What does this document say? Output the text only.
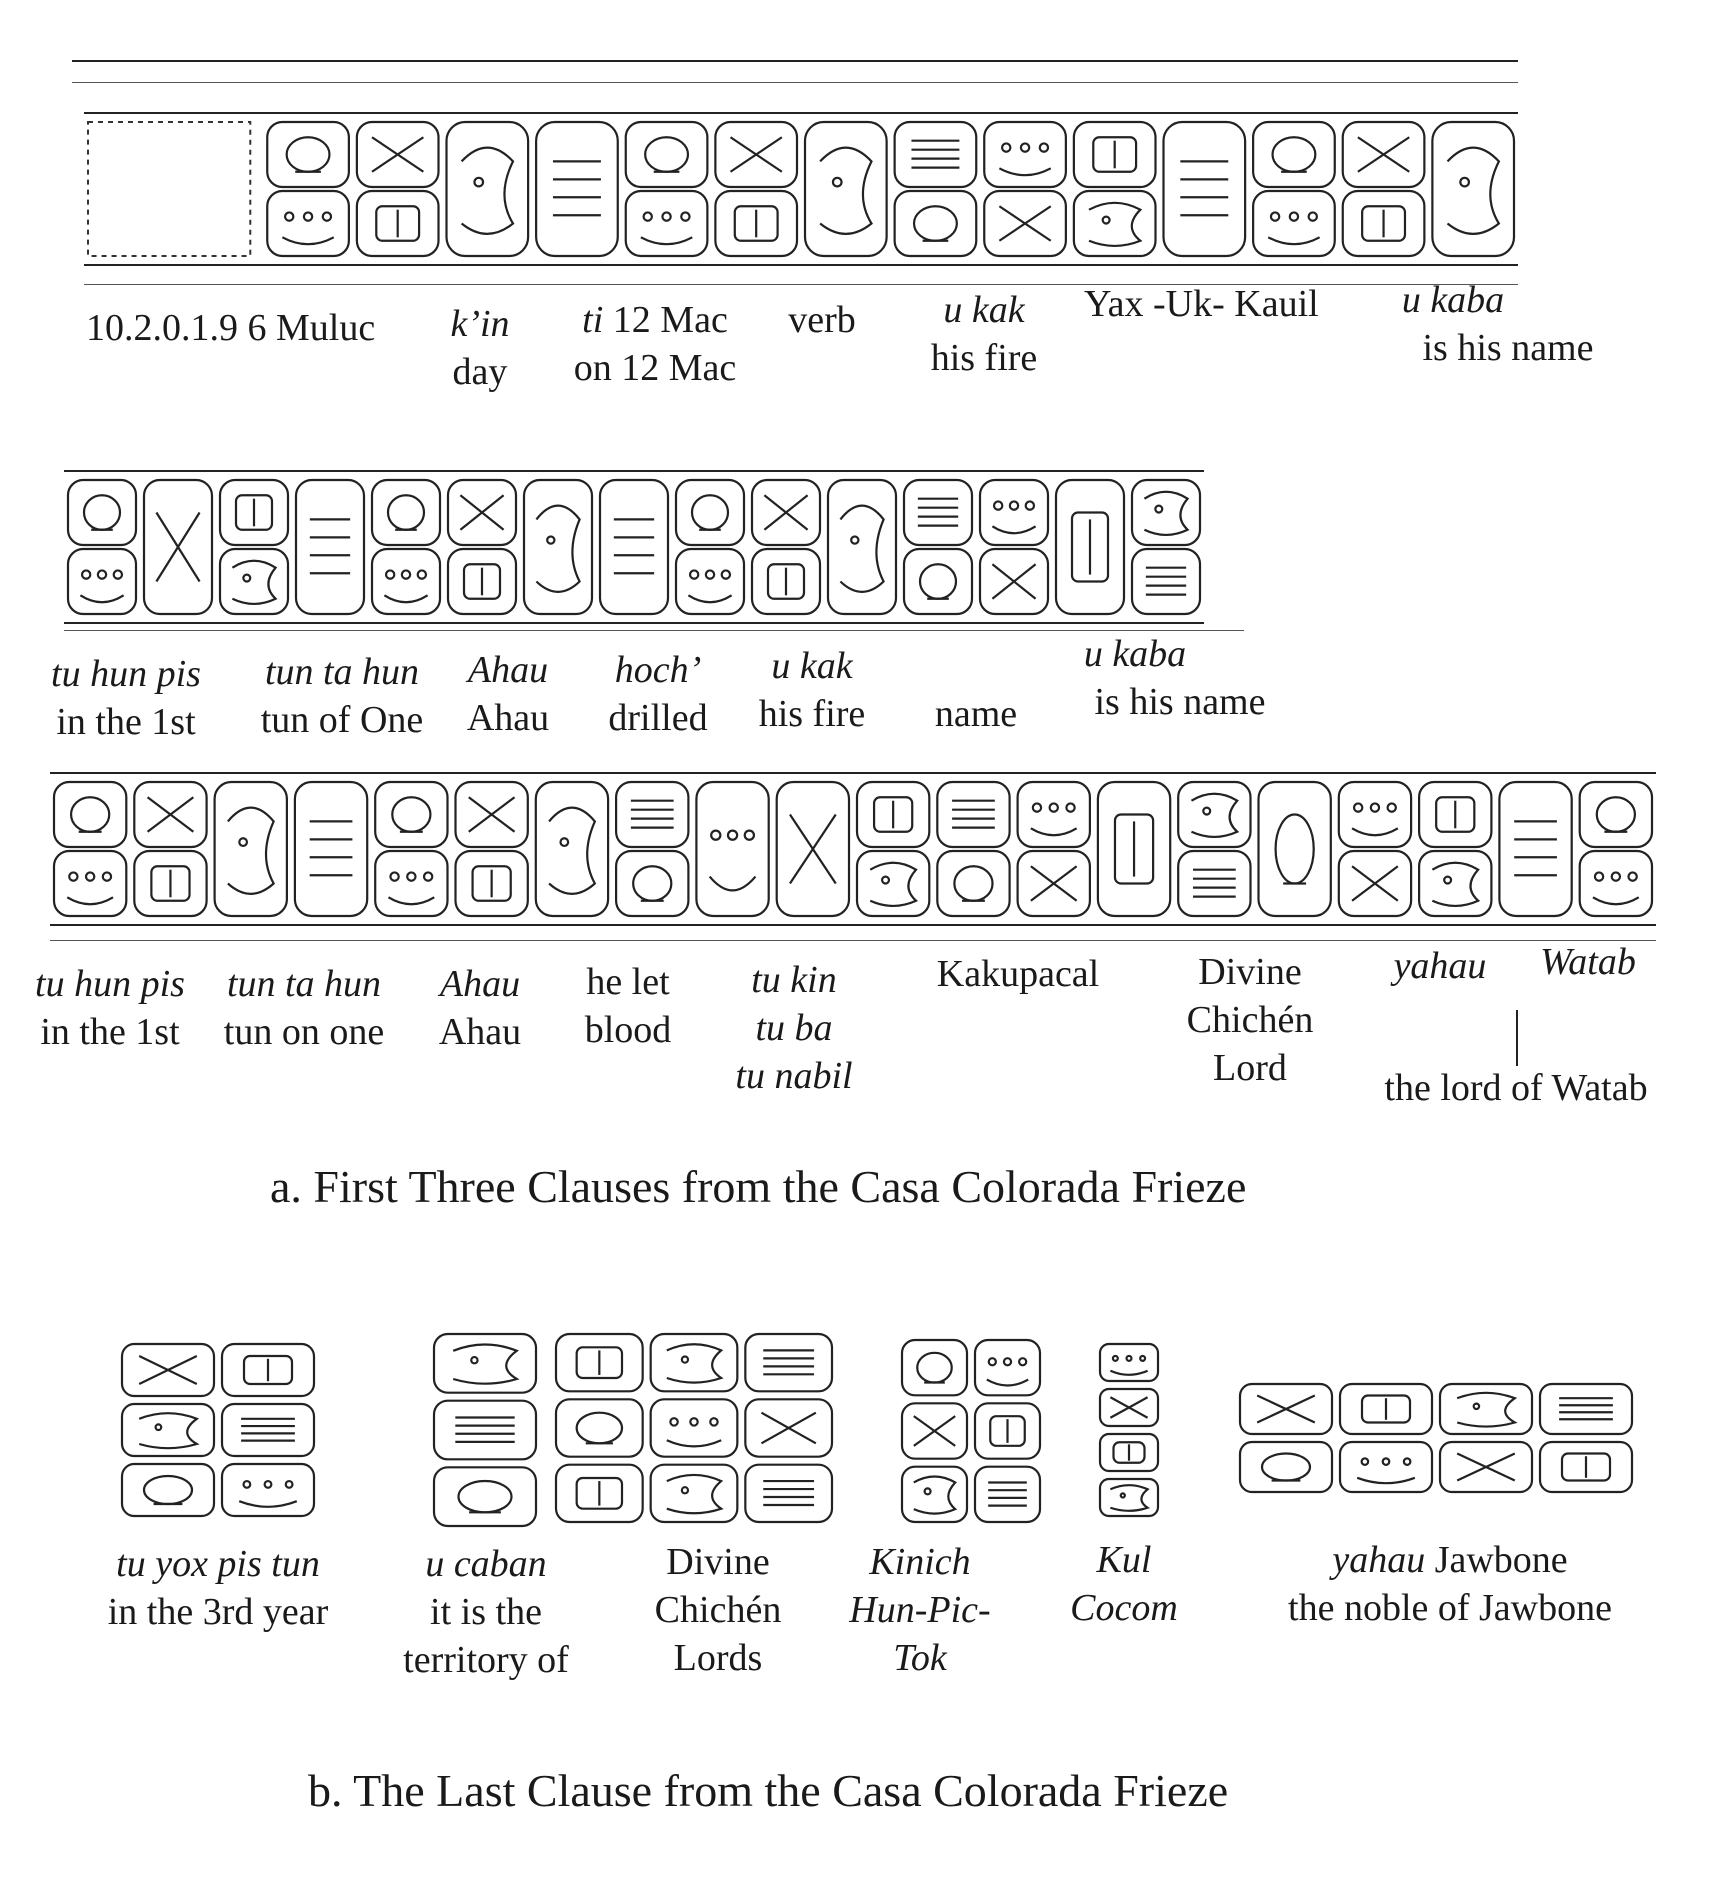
10.2.0.1.9 6 Muluc k’in
day
ti 12 Mac
on 12 Mac
verb	u kak
his fire
Yax -Uk- Kauil u kaba
is his name
tu hun pis
in the 1st
tun ta hun
tun of One
Ahau
Ahau
hoch’
drilled
u kak
his fire name
u kaba
is his name
tu hun pis
in the 1st
tun ta hun
tun on one
Ahau
Ahau
he let
blood
tu kin
tu ba
tu nabil
Kakupacal	Divine
Chichén
Lord
yahau Watab
the lord of Watab
a. First Three Clauses from the Casa Colorada Frieze
tu yox pis tun
in the 3rd year
u caban
it is the
territory of
Divine
Chichén
Lords
Kinich
Hun-Pic-
Tok
Kul
Cocom
yahau Jawbone
the noble of Jawbone
b. The Last Clause from the Casa Colorada Frieze
